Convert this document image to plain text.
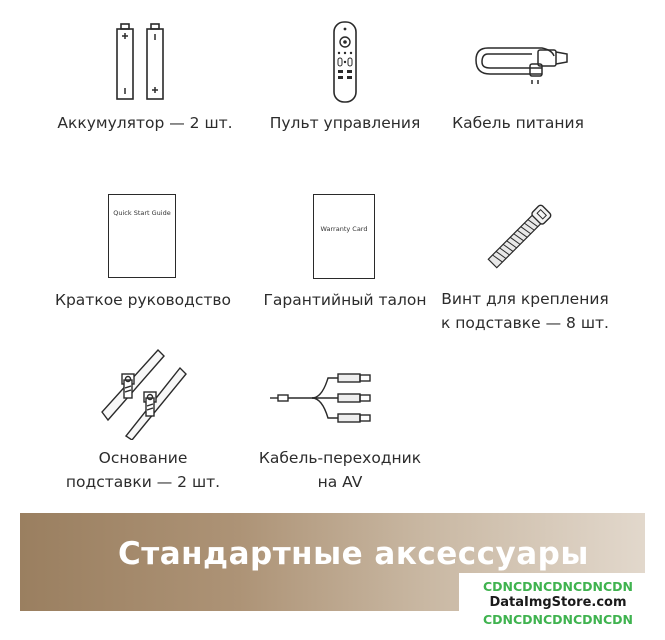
Аккумулятор — 2 шт.	Пульт управления	Кабель питания
Quick Start Guide
Краткое руководство
Warranty Card
Гарантийный талон Винт для крепления
к подставке — 8 шт.
Основание
подставки — 2 шт.
Кабель-переходник
на AV
Стандартные аксессуары
CDNCDNCDNCDNCDN
DataImgStore.com
CDNCDNCDNCDNCDN
